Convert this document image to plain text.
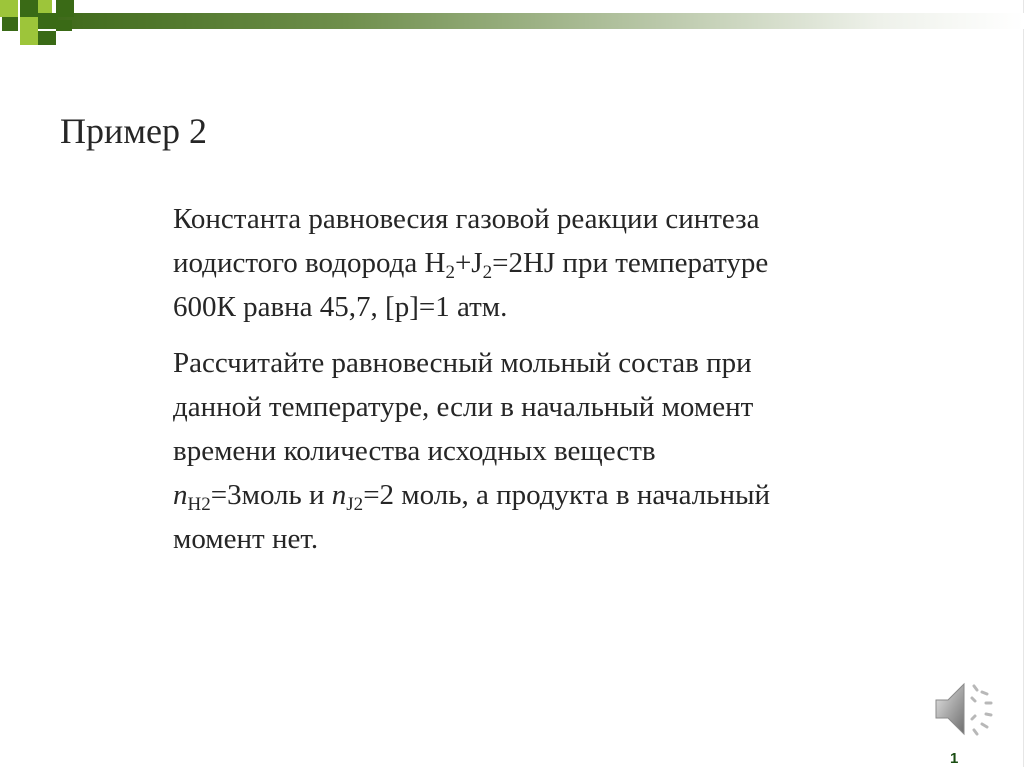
Пример 2

Константа равновесия газовой реакции синтеза
иодистого водорода $H_2+J_2=2HJ$ при температуре
600К равна 45,7, [p]=1 атм.

Рассчитайте равновесный мольный состав при
данной температуре, если в начальный момент
времени количества исходных веществ
$n_{H2}=3моль$ и $n_{J2}=2$ моль, а продукта в начальный
момент нет.

1
